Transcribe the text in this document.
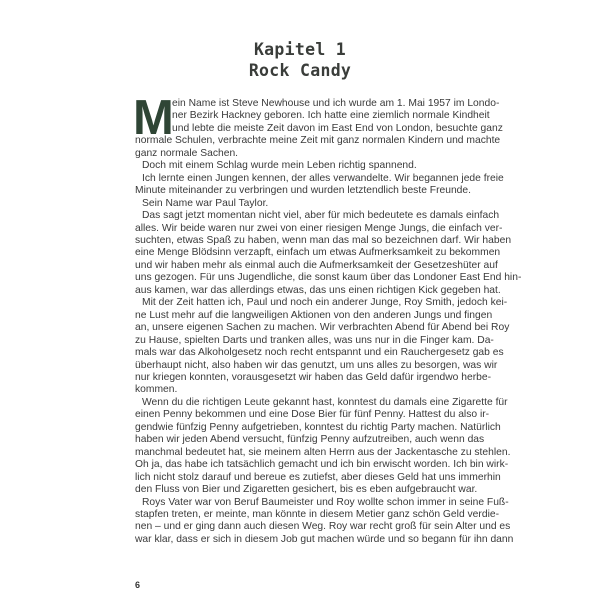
Kapitel 1
Rock Candy
M
ein Name ist Steve Newhouse und ich wurde am 1. Mai 1957 im Londo-
ner Bezirk Hackney geboren. Ich hatte eine ziemlich normale Kindheit
und lebte die meiste Zeit davon im East End von London, besuchte ganz
normale Schulen, verbrachte meine Zeit mit ganz normalen Kindern und machte
ganz normale Sachen.
Doch mit einem Schlag wurde mein Leben richtig spannend.
Ich lernte einen Jungen kennen, der alles verwandelte. Wir begannen jede freie
Minute miteinander zu verbringen und wurden letztendlich beste Freunde.
Sein Name war Paul Taylor.
Das sagt jetzt momentan nicht viel, aber für mich bedeutete es damals einfach
alles. Wir beide waren nur zwei von einer riesigen Menge Jungs, die einfach ver-
suchten, etwas Spaß zu haben, wenn man das mal so bezeichnen darf. Wir haben
eine Menge Blödsinn verzapft, einfach um etwas Aufmerksamkeit zu bekommen
und wir haben mehr als einmal auch die Aufmerksamkeit der Gesetzeshüter auf
uns gezogen. Für uns Jugendliche, die sonst kaum über das Londoner East End hin-
aus kamen, war das allerdings etwas, das uns einen richtigen Kick gegeben hat.
Mit der Zeit hatten ich, Paul und noch ein anderer Junge, Roy Smith, jedoch kei-
ne Lust mehr auf die langweiligen Aktionen von den anderen Jungs und fingen
an, unsere eigenen Sachen zu machen. Wir verbrachten Abend für Abend bei Roy
zu Hause, spielten Darts und tranken alles, was uns nur in die Finger kam. Da-
mals war das Alkoholgesetz noch recht entspannt und ein Rauchergesetz gab es
überhaupt nicht, also haben wir das genutzt, um uns alles zu besorgen, was wir
nur kriegen konnten, vorausgesetzt wir haben das Geld dafür irgendwo herbe-
kommen.
Wenn du die richtigen Leute gekannt hast, konntest du damals eine Zigarette für
einen Penny bekommen und eine Dose Bier für fünf Penny. Hattest du also ir-
gendwie fünfzig Penny aufgetrieben, konntest du richtig Party machen. Natürlich
haben wir jeden Abend versucht, fünfzig Penny aufzutreiben, auch wenn das
manchmal bedeutet hat, sie meinem alten Herrn aus der Jackentasche zu stehlen.
Oh ja, das habe ich tatsächlich gemacht und ich bin erwischt worden. Ich bin wirk-
lich nicht stolz darauf und bereue es zutiefst, aber dieses Geld hat uns immerhin
den Fluss von Bier und Zigaretten gesichert, bis es eben aufgebraucht war.
Roys Vater war von Beruf Baumeister und Roy wollte schon immer in seine Fuß-
stapfen treten, er meinte, man könnte in diesem Metier ganz schön Geld verdie-
nen – und er ging dann auch diesen Weg. Roy war recht groß für sein Alter und es
war klar, dass er sich in diesem Job gut machen würde und so begann für ihn dann
6
